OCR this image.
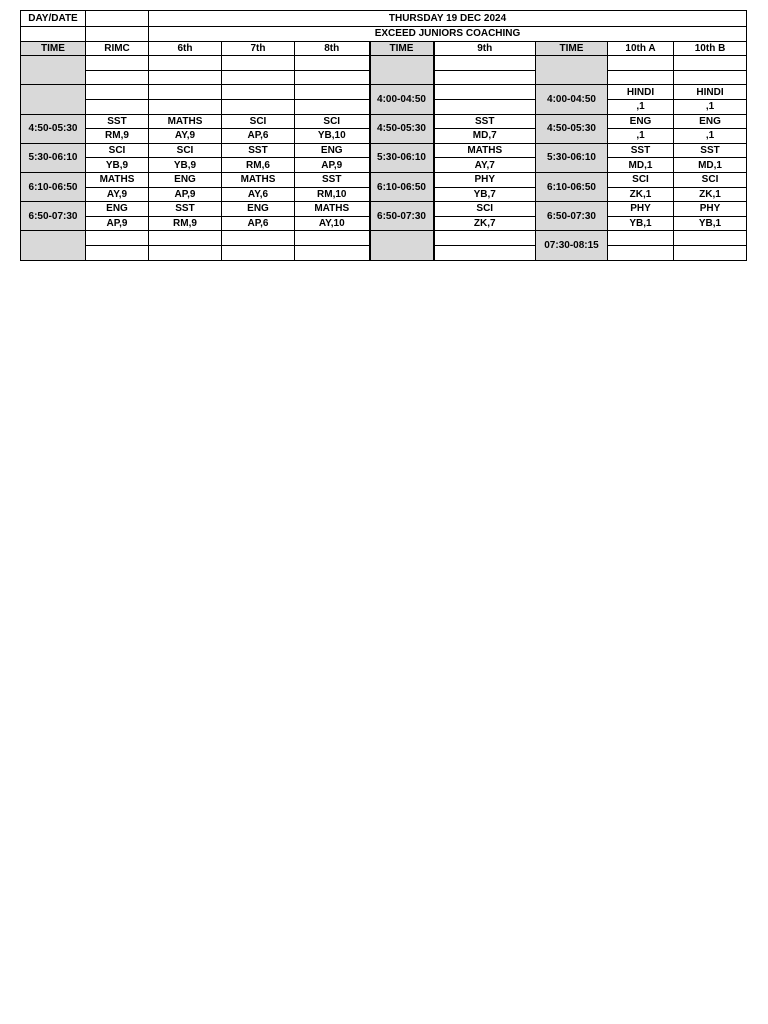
DAY/DATE		THURSDAY 19 DEC 2024							
		EXCEED JUNIORS COACHING							
TIME	RIMC	6th	7th	8th	TIME	9th	TIME	10th A	10th B

					4:00-04:50		4:00-04:50	HINDI	HINDI
								,1	,1
4:50-05:30	SST	MATHS	SCI	SCI	4:50-05:30	SST	4:50-05:30	ENG	ENG
	RM,9	AY,9	AP,6	YB,10		MD,7		,1	,1
5:30-06:10	SCI	SCI	SST	ENG	5:30-06:10	MATHS	5:30-06:10	SST	SST
	YB,9	YB,9	RM,6	AP,9		AY,7		MD,1	MD,1
6:10-06:50	MATHS	ENG	MATHS	SST	6:10-06:50	PHY	6:10-06:50	SCI	SCI
	AY,9	AP,9	AY,6	RM,10		YB,7		ZK,1	ZK,1
6:50-07:30	ENG	SST	ENG	MATHS	6:50-07:30	SCI	6:50-07:30	PHY	PHY
	AP,9	RM,9	AP,6	AY,10		ZK,7		YB,1	YB,1
							07:30-08:15		
